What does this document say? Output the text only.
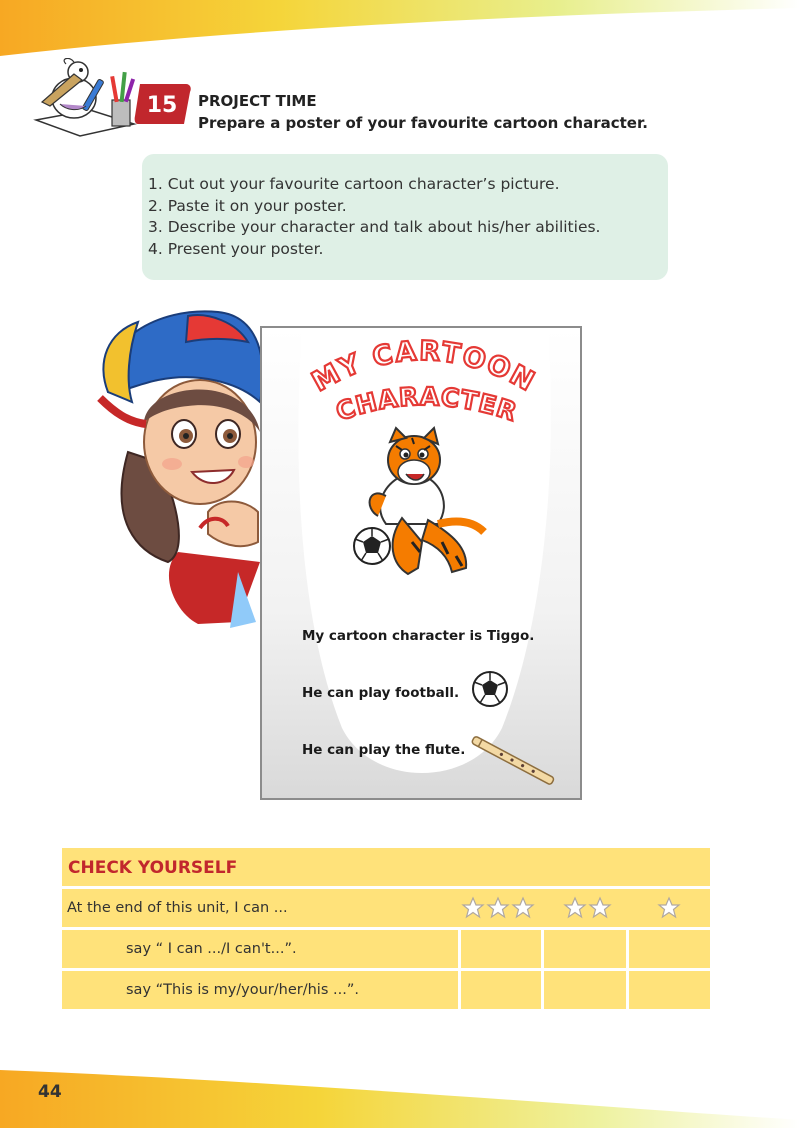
15	PROJECT TIME
Prepare a poster of your favourite cartoon character.
1. Cut out your favourite cartoon character’s picture.
2. Paste it on your poster.
3. Describe your character and talk about his/her abilities.
4. Present your poster.
MY CARTOON
CHARACTER
My cartoon character is Tiggo.
He can play football.
He can play the flute.
CHECK YOURSELF
At the end of this unit, I can ...
say “ I can .../I can't...”.
say “This is my/your/her/his ...”.
44
